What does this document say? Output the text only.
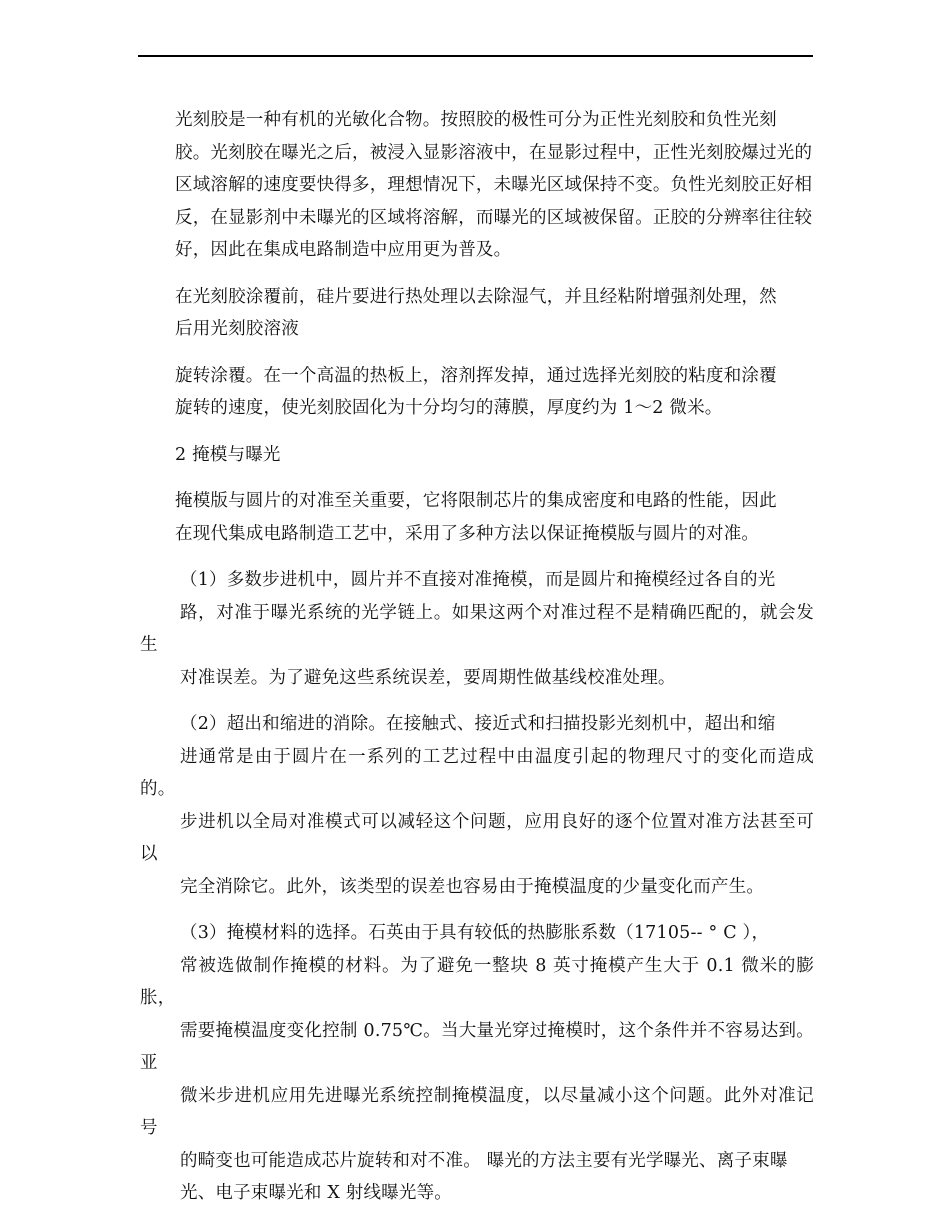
光刻胶是一种有机的光敏化合物。按照胶的极性可分为正性光刻胶和负性光刻
胶。光刻胶在曝光之后，被浸入显影溶液中，在显影过程中，正性光刻胶爆过光的
区域溶解的速度要快得多，理想情况下，未曝光区域保持不变。负性光刻胶正好相
反，在显影剂中未曝光的区域将溶解，而曝光的区域被保留。正胶的分辨率往往较
好，因此在集成电路制造中应用更为普及。

在光刻胶涂覆前，硅片要进行热处理以去除湿气，并且经粘附增强剂处理，然
后用光刻胶溶液

旋转涂覆。在一个高温的热板上，溶剂挥发掉，通过选择光刻胶的粘度和涂覆
旋转的速度，使光刻胶固化为十分均匀的薄膜，厚度约为 1～2 微米。

2 掩模与曝光

掩模版与圆片的对准至关重要，它将限制芯片的集成密度和电路的性能，因此
在现代集成电路制造工艺中，采用了多种方法以保证掩模版与圆片的对准。

（1）多数步进机中，圆片并不直接对准掩模，而是圆片和掩模经过各自的光
路，对准于曝光系统的光学链上。如果这两个对准过程不是精确匹配的，就会发生
对准误差。为了避免这些系统误差，要周期性做基线校准处理。

（2）超出和缩进的消除。在接触式、接近式和扫描投影光刻机中，超出和缩
进通常是由于圆片在一系列的工艺过程中由温度引起的物理尺寸的变化而造成的。
步进机以全局对准模式可以减轻这个问题，应用良好的逐个位置对准方法甚至可以
完全消除它。此外，该类型的误差也容易由于掩模温度的少量变化而产生。

（3）掩模材料的选择。石英由于具有较低的热膨胀系数（17105-- ° C ），
常被选做制作掩模的材料。为了避免一整块 8 英寸掩模产生大于 0.1 微米的膨胀，
需要掩模温度变化控制 0.75℃。当大量光穿过掩模时，这个条件并不容易达到。亚
微米步进机应用先进曝光系统控制掩模温度，以尽量减小这个问题。此外对准记号
的畸变也可能造成芯片旋转和对不准。 曝光的方法主要有光学曝光、离子束曝
光、电子束曝光和 X 射线曝光等。
